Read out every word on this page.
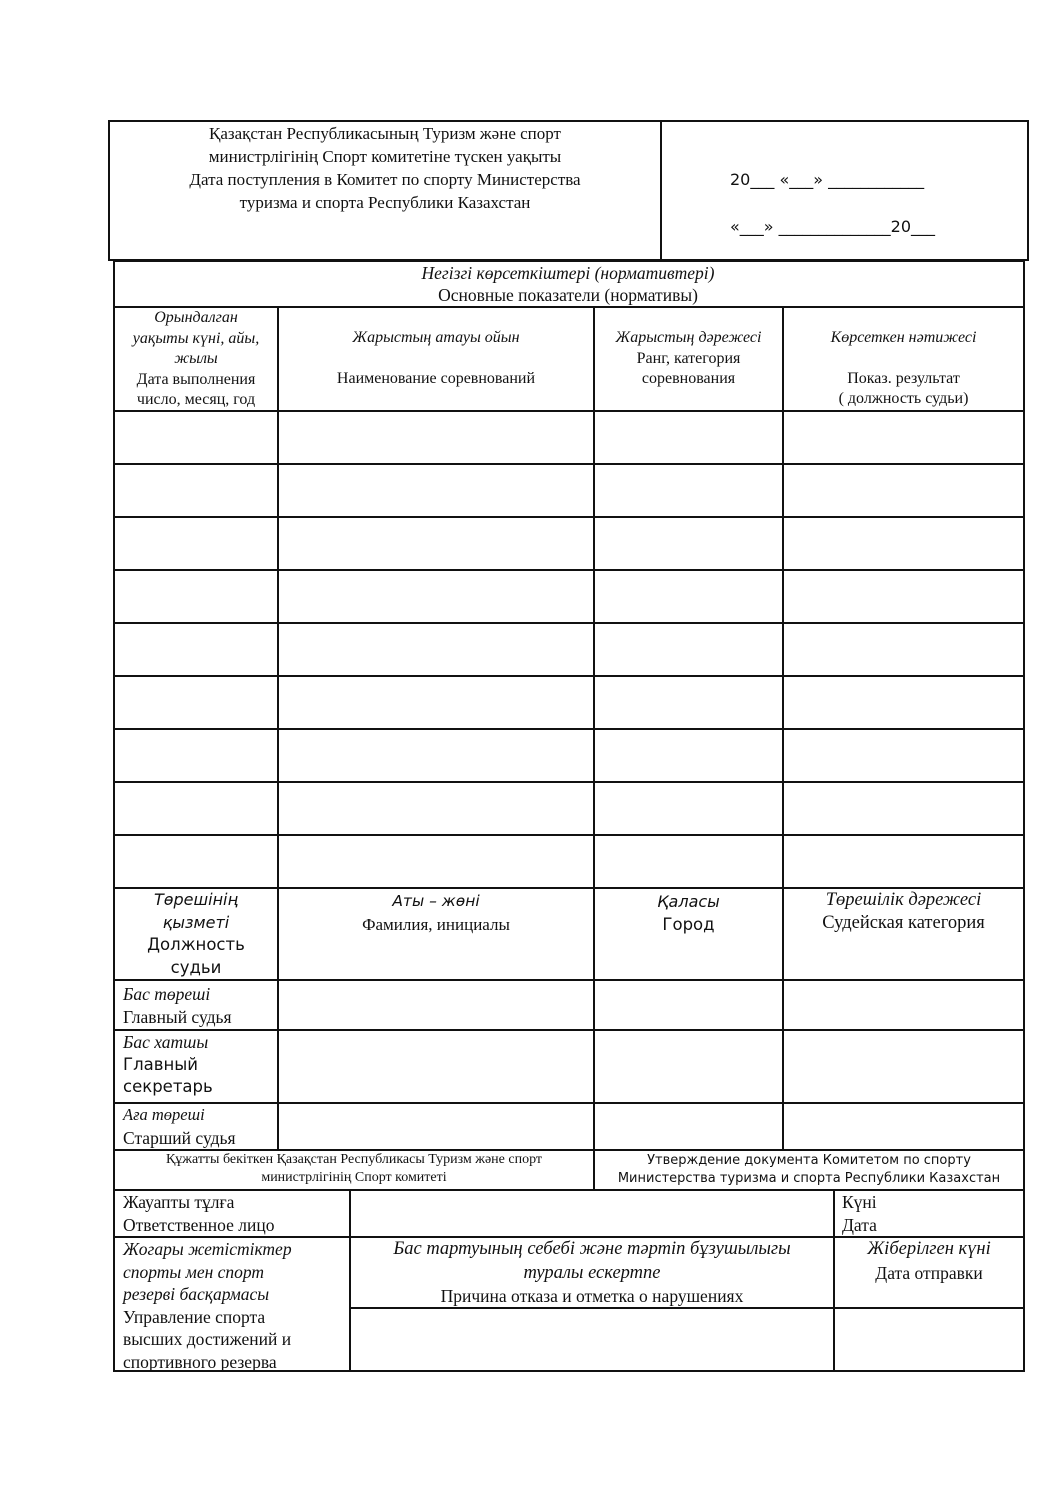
Қазақстан Республикасының Туризм және спорт
министрлігінің Спорт комитетіне түскен уақыты
Дата поступления в Комитет по спорту Министерства
туризма и спорта Республики Казахстан
20___ «___» ____________
«___» ______________20___
Негізгі көрсеткіштері (нормативтері)
Основные показатели (нормативы)
Орындалган
уақыты күні, айы,
жылы
Дата выполнения
число, месяц, год
Жарыстың атауы ойын
Наименование соревнований
Жарыстың дәрежесі
Ранг, категория
соревнования
Көрсеткен нәтижесі
Показ. результат
( должность судьи)
Төрешінің
қызметі
Должность
судьи
Аты – жөні
Фамилия, инициалы
Қаласы
Город
Төрешілік дәрежесі
Судейская категория
Бас төреші
Главный судья
Бас хатшы
Главный
секретарь
Аға төреші
Старший судья
Құжатты бекіткен Қазақстан Республикасы Туризм және спорт
министрлігінің Спорт комитеті
Утверждение документа Комитетом по спорту
Министерства туризма и спорта Республики Казахстан
Жауапты тұлға
Ответственное лицо
Күні
Дата
Жогары жетістіктер
спорты мен спорт
резерві басқармасы
Управление спорта
высших достижений и
спортивного резерва
Бас тартуының себебі және тәртіп бұзушылыгы
туралы ескертпе
Причина отказа и отметка о нарушениях
Жіберілген күні
Дата отправки
